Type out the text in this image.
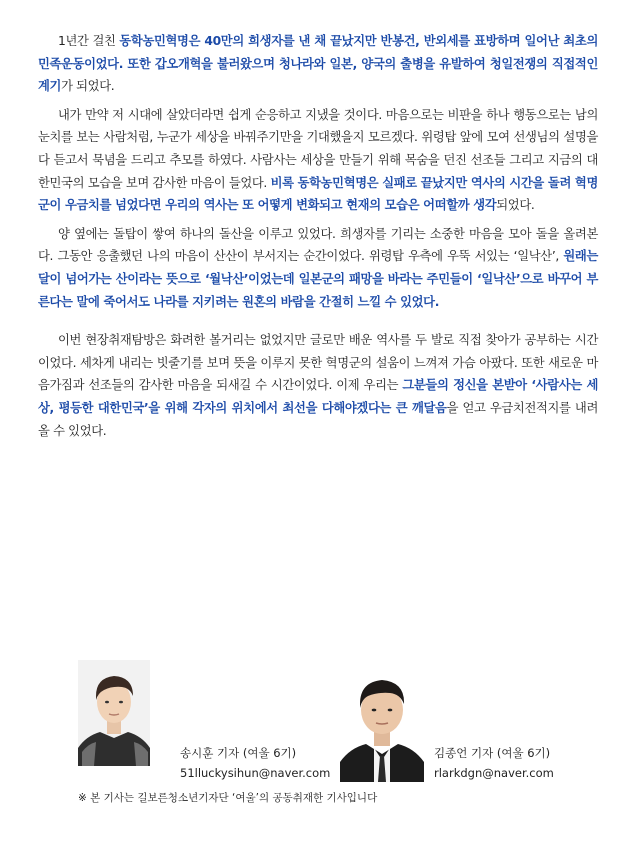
1년간 걸친 동학농민혁명은 40만의 희생자를 낸 채 끝났지만 반봉건, 반외세를 표방하며 일어난 최초의 민족운동이었다. 또한 갑오개혁을 불러왔으며 청나라와 일본, 양국의 출병을 유발하여 청일전쟁의 직접적인 계기가 되었다.

내가 만약 저 시대에 살았더라면 쉽게 순응하고 지냈을 것이다. 마음으로는 비판을 하나 행동으로는 남의 눈치를 보는 사람처럼, 누군가 세상을 바꿔주기만을 기대했을지 모르겠다. 위령탑 앞에 모여 선생님의 설명을 다 듣고서 묵념을 드리고 추모를 하였다. 사람사는 세상을 만들기 위해 목숨을 던진 선조들 그리고 지금의 대한민국의 모습을 보며 감사한 마음이 들었다. 비록 동학농민혁명은 실패로 끝났지만 역사의 시간을 돌려 혁명군이 우금치를 넘었다면 우리의 역사는 또 어떻게 변화되고 현재의 모습은 어떠할까 생각되었다.

양 옆에는 돌탑이 쌓여 하나의 돌산을 이루고 있었다. 희생자를 기리는 소중한 마음을 모아 돌을 올려본다. 그동안 응출했던 나의 마음이 산산이 부서지는 순간이었다. 위령탑 우측에 우뚝 서있는 ‘일낙산’, 원래는 달이 넘어가는 산이라는 뜻으로 ‘월낙산’이었는데 일본군의 패망을 바라는 주민들이 ‘일낙산’으로 바꾸어 부른다는 말에 죽어서도 나라를 지키려는 원혼의 바람을 간절히 느낄 수 있었다.

이번 현장취재탐방은 화려한 볼거리는 없었지만 글로만 배운 역사를 두 발로 직접 찾아가 공부하는 시간이었다. 세차게 내리는 빗줄기를 보며 뜻을 이루지 못한 혁명군의 설움이 느껴져 가슴 아팠다. 또한 새로운 마음가짐과 선조들의 감사한 마음을 되새길 수 시간이었다. 이제 우리는 그분들의 정신을 본받아 ‘사람사는 세상, 평등한 대한민국’을 위해 각자의 위치에서 최선을 다해야겠다는 큰 깨달음을 얻고 우금치전적지를 내려올 수 있었다.

송시훈 기자 (여울 6기)
51lluckysihun@naver.com
김종언 기자 (여울 6기)
rlarkdgn@naver.com
※ 본 기사는 길보른청소년기자단 ‘여울’의 공동취재한 기사입니다
